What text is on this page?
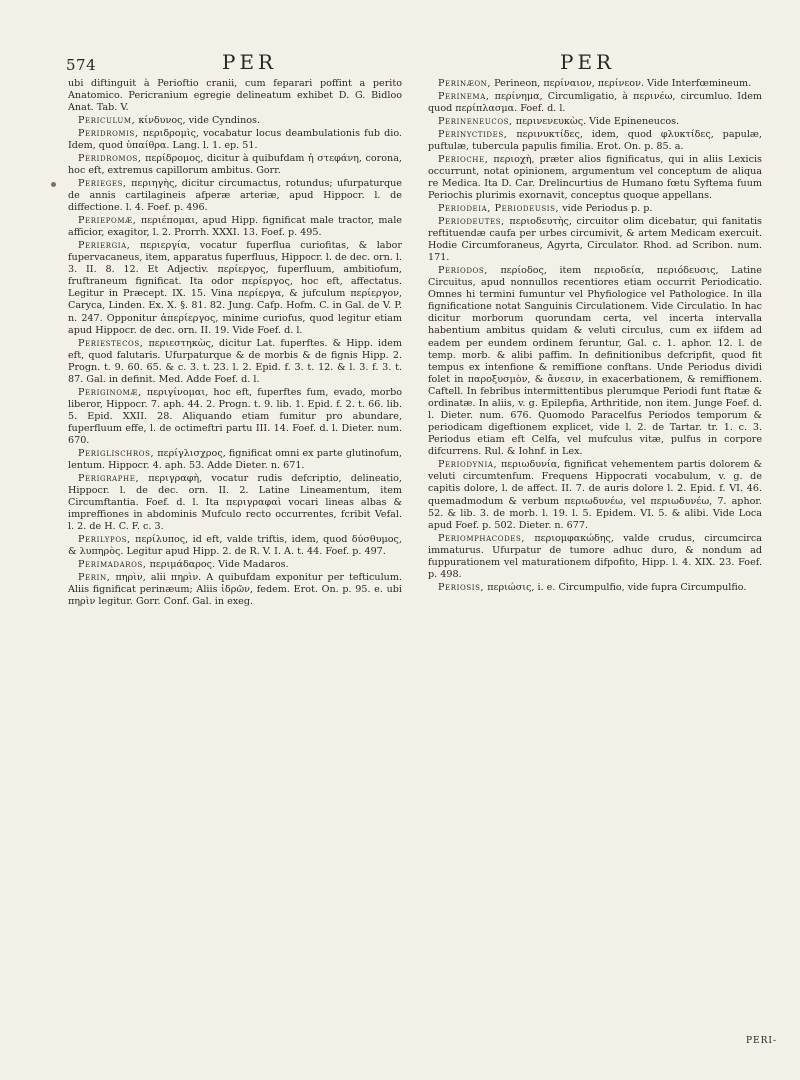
574	PER	PER

ubi diftinguit à Perioftio cranii, cum feparari poffint a perito Anatomico. Pericranium egregie delineatum exhibet D. G. Bidloo Anat. Tab. V.

Periculum, κίνδυνος, vide Cyndinos.

Peridromis, περιδρομὶς, vocabatur locus deambulationis fub dio. Idem, quod ὑπαίθρα. Lang. l. 1. ep. 51.

Peridromos, περίδρομος, dicitur à quibufdam ἡ στεφάνη, corona, hoc eft, extremus capillorum ambitus. Gorr.

Perieges, περιηγὴς, dicitur circumactus, rotundus; ufurpaturque de annis cartilagineis afperæ arteriæ, apud Hippocr. l. de diffectione. l. 4. Foef. p. 496.

Periepomæ, περιέπομαι, apud Hipp. fignificat male tractor, male afficior, exagitor, l. 2. Prorrh. XXXI. 13. Foef. p. 495.

Periergia, περιεργία, vocatur fuperflua curiofitas, & labor fupervacaneus, item, apparatus fuperfluus, Hippocr. l. de dec. orn. l. 3. II. 8. 12. Et Adjectiv. περίεργος, fuperfluum, ambitiofum, fruftraneum fignificat. Ita odor περίεργος, hoc eft, affectatus. Legitur in Præcept. IX. 15. Vina περίεργα, & jufculum περίεργον, Caryca, Linden. Ex. X. §. 81. 82. Jung. Cafp. Hofm. C. in Gal. de V. P. n. 247. Opponitur ἀπερίεργος, minime curiofus, quod legitur etiam apud Hippocr. de dec. orn. II. 19. Vide Foef. d. l.

Periestecos, περιεστηκὼς, dicitur Lat. fuperftes. & Hipp. idem eft, quod falutaris. Ufurpaturque & de morbis & de fignis Hipp. 2. Progn. t. 9. 60. 65. & c. 3. t. 23. l. 2. Epid. f. 3. t. 12. & l. 3. f. 3. t. 87. Gal. in definit. Med. Adde Foef. d. l.

Periginomæ, περιγίνομαι, hoc eft, fuperftes fum, evado, morbo liberor, Hippocr. 7. aph. 44. 2. Progn. t. 9. lib. 1. Epid. f. 2. t. 66. lib. 5. Epid. XXII. 28. Aliquando etiam fumitur pro abundare, fuperfluum effe, l. de octimeftri partu III. 14. Foef. d. l. Dieter. num. 670.

Periglischros, περίγλισχρος, fignificat omni ex parte glutinofum, lentum. Hippocr. 4. aph. 53. Adde Dieter. n. 671.

Perigraphe, περιγραφὴ, vocatur rudis defcriptio, delineatio, Hippocr. l. de dec. orn. II. 2. Latine Lineamentum, item Circumftantia. Foef. d. l. Ita περιγραφαὶ vocari lineas albas & impreffiones in abdominis Mufculo recto occurrentes, fcribit Vefal. l. 2. de H. C. F. c. 3.

Perilypos, περίλυπος, id eft, valde triftis, idem, quod δύσθυμος, & λυπηρὸς. Legitur apud Hipp. 2. de R. V. I. A. t. 44. Foef. p. 497.

Perimadaros, περιμάδαρος. Vide Madaros.

Perin, πηρὶν, alii πηρὶν. A quibufdam exponitur per tefticulum. Aliis fignificat perinæum; Aliis ἰδρῶν, fedem. Erot. On. p. 95. e. ubi πηρὶν legitur. Gorr. Conf. Gal. in exeg.

Perinæon, Perineon, περίναιον, περίνεον. Vide Interfœmineum.

Perinema, περίνημα, Circumligatio, à περινέω, circumluo. Idem quod περίπλασμα. Foef. d. l.

Perineneucos, περινενευκὼς. Vide Epineneucos.

Perinyctides, περινυκτίδες, idem, quod φλυκτίδες, papulæ, puftulæ, tubercula papulis fimilia. Erot. On. p. 85. a.

Perioche, περιοχὴ, præter alios fignificatus, qui in aliis Lexicis occurrunt, notat opinionem, argumentum vel conceptum de aliqua re Medica. Ita D. Car. Drelincurtius de Humano fœtu Syftema fuum Periochis plurimis exornavit, conceptus quoque appellans.

Periodeia, Periodeusis, vide Periodus p. p.

Periodeutes, περιοδευτὴς, circuitor olim dicebatur, qui fanitatis reftituendæ caufa per urbes circumivit, & artem Medicam exercuit. Hodie Circumforaneus, Agyrta, Circulator. Rhod. ad Scribon. num. 171.

Periodos, περίοδος, item περιοδεία, περιόδευσις, Latine Circuitus, apud nonnullos recentiores etiam occurrit Periodicatio. Omnes hi termini fumuntur vel Phyfiologice vel Pathologice. In illa fignificatione notat Sanguinis Circulationem. Vide Circulatio. In hac dicitur morborum quorundam certa, vel incerta intervalla habentium ambitus quidam & veluti circulus, cum ex iifdem ad eadem per eundem ordinem feruntur, Gal. c. 1. aphor. 12. l. de temp. morb. & alibi paffim. In definitionibus defcripfit, quod fit tempus ex intenfione & remiffione conftans. Unde Periodus dividi folet in παροξυσμὸν, & ἄνεσιν, in exacerbationem, & remiffionem. Caftell. In febribus intermittentibus plerumque Periodi funt ftatæ & ordinatæ. In aliis, v. g. Epilepfia, Arthritide, non item. Junge Foef. d. l. Dieter. num. 676. Quomodo Paracelfus Periodos temporum & periodicam digeftionem explicet, vide l. 2. de Tartar. tr. 1. c. 3. Periodus etiam eft Celfa, vel mufculus vitæ, pulfus in corpore difcurrens. Rul. & Iohnf. in Lex.

Periodynia, περιωδυνία, fignificat vehementem partis dolorem & veluti circumtenfum. Frequens Hippocrati vocabulum, v. g. de capitis dolore, l. de affect. II. 7. de auris dolore l. 2. Epid. f. VI. 46. quemadmodum & verbum περιωδυνέω, vel περιωδυνέω, 7. aphor. 52. & lib. 3. de morb. l. 19. l. 5. Epidem. VI. 5. & alibi. Vide Loca apud Foef. p. 502. Dieter. n. 677.

Periomphacodes, περιομφακώδης, valde crudus, circumcirca immaturus. Ufurpatur de tumore adhuc duro, & nondum ad fuppurationem vel maturationem difpofito, Hipp. l. 4. XIX. 23. Foef. p. 498.

Periosis, περιώσις, i. e. Circumpulfio, vide fupra Circumpulfio.

PERI-
